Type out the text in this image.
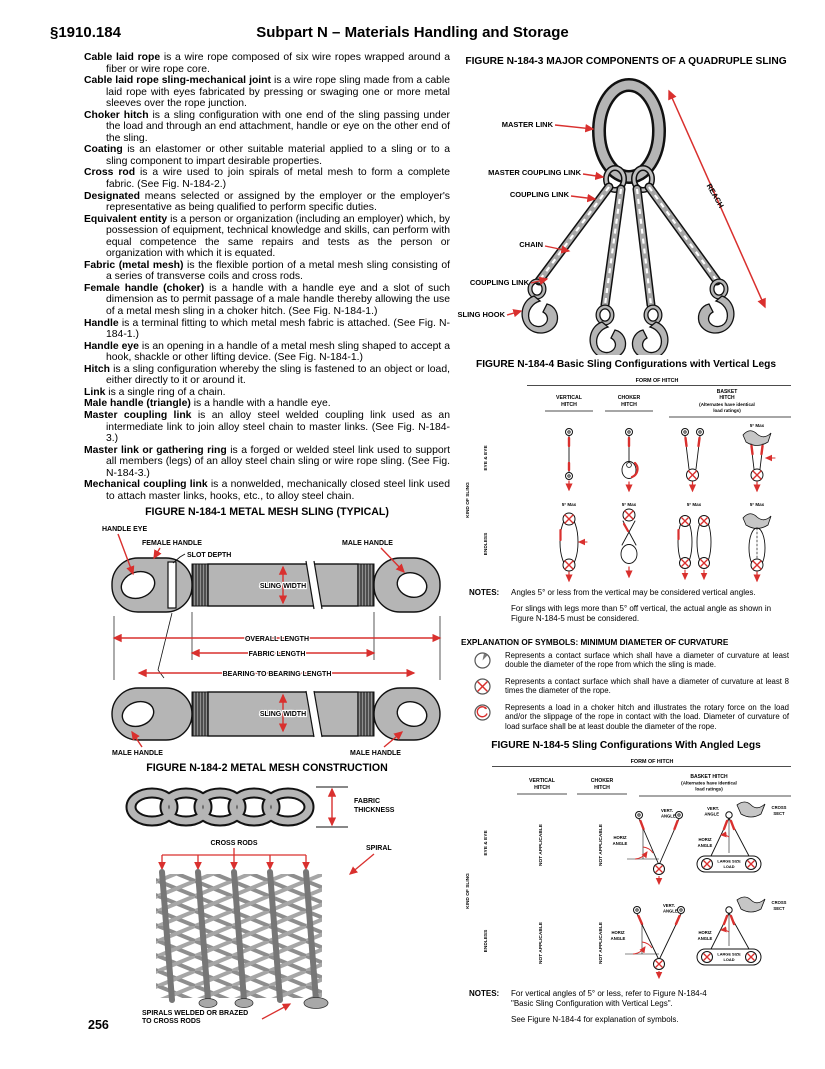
§1910.184	Subpart N – Materials Handling and Storage

Cable laid rope is a wire rope composed of six wire ropes wrapped around a fiber or wire rope core.

Cable laid rope sling-mechanical joint is a wire rope sling made from a cable laid rope with eyes fabricated by pressing or swaging one or more metal sleeves over the rope junction.

Choker hitch is a sling configuration with one end of the sling passing under the load and through an end attachment, handle or eye on the other end of the sling.

Coating is an elastomer or other suitable material applied to a sling or to a sling component to impart desirable properties.

Cross rod is a wire used to join spirals of metal mesh to form a complete fabric. (See Fig. N-184-2.)

Designated means selected or assigned by the employer or the employer's representative as being qualified to perform specific duties.

Equivalent entity is a person or organization (including an employer) which, by possession of equipment, technical knowledge and skills, can perform with equal competence the same repairs and tests as the person or organization with which it is equated.

Fabric (metal mesh) is the flexible portion of a metal mesh sling consisting of a series of transverse coils and cross rods.

Female handle (choker) is a handle with a handle eye and a slot of such dimension as to permit passage of a male handle thereby allowing the use of a metal mesh sling in a choker hitch. (See Fig. N-184-1.)

Handle is a terminal fitting to which metal mesh fabric is attached. (See Fig. N-184-1.)

Handle eye is an opening in a handle of a metal mesh sling shaped to accept a hook, shackle or other lifting device. (See Fig. N-184-1.)

Hitch is a sling configuration whereby the sling is fastened to an object or load, either directly to it or around it.

Link is a single ring of a chain.

Male handle (triangle) is a handle with a handle eye.

Master coupling link is an alloy steel welded coupling link used as an intermediate link to join alloy steel chain to master links. (See Fig. N-184-3.)

Master link or gathering ring is a forged or welded steel link used to support all members (legs) of an alloy steel chain sling or wire rope sling. (See Fig. N-184-3.)

Mechanical coupling link is a nonwelded, mechanically closed steel link used to attach master links, hooks, etc., to alloy steel chain.

FIGURE N-184-1 METAL MESH SLING (TYPICAL)
SLING WIDTH
HANDLE EYE
FEMALE HANDLE
SLOT DEPTH
MALE HANDLE
OVERALL LENGTH
FABRIC LENGTH
BEARING TO BEARING LENGTH
SLING WIDTH
MALE HANDLE	MALE HANDLE
FIGURE N-184-2 METAL MESH CONSTRUCTION
FABRIC
THICKNESS
CROSS RODS
SPIRAL
SPIRALS WELDED OR BRAZED
TO CROSS RODS
FIGURE N-184-3 MAJOR COMPONENTS OF A QUADRUPLE SLING
REACH
MASTER LINK
MASTER COUPLING LINK
COUPLING LINK
CHAIN
COUPLING LINK
SLING HOOK
FIGURE N-184-4 Basic Sling Configurations with Vertical Legs
FORM OF HITCH
VERTICAL
HITCH
CHOKER
HITCH
BASKET
HITCH
(Alternates have identical
load ratings)
KIND OF SLING
EYE & EYE
ENDLESS
5° Max
5° Max	5° Max	5° Max	5° Max
NOTES:	Angles 5° or less from the vertical may be considered vertical angles.

For slings with legs more than 5° off vertical, the actual angle as shown in Figure N-184-5 must be considered.

EXPLANATION OF SYMBOLS: MINIMUM DIAMETER OF CURVATURE
Represents a contact surface which shall have a diameter of curvature at least double the diameter of the rope from which the sling is made.
Represents a contact surface which shall have a diameter of curvature at least 8 times the diameter of the rope.
Represents a load in a choker hitch and illustrates the rotary force on the load and/or the slippage of the rope in contact with the load. Diameter of curvature of load surface shall be at least double the diameter of the rope.
FIGURE N-184-5 Sling Configurations With Angled Legs
FORM OF HITCH
VERTICAL
HITCH
CHOKER
HITCH
BASKET HITCH
(Alternates have identical
load ratings)
KIND OF SLING
EYE & EYE
ENDLESS
NOT APPLICABLE	NOT APPLICABLE
VERT.
ANGLE
HORIZ
ANGLE
CROSS
SECT
VERT.
ANGLE
HORIZ
ANGLE
LARGE SIZE
LOAD
NOT APPLICABLE	NOT APPLICABLE
VERT.
ANGLE
HORIZ
ANGLE
CROSS
SECT
HORIZ
ANGLE
LARGE SIZE
LOAD
NOTES:	For vertical angles of 5° or less, refer to Figure N-184-4

"Basic Sling Configuration with Vertical Legs".

See Figure N-184-4 for explanation of symbols.

256
